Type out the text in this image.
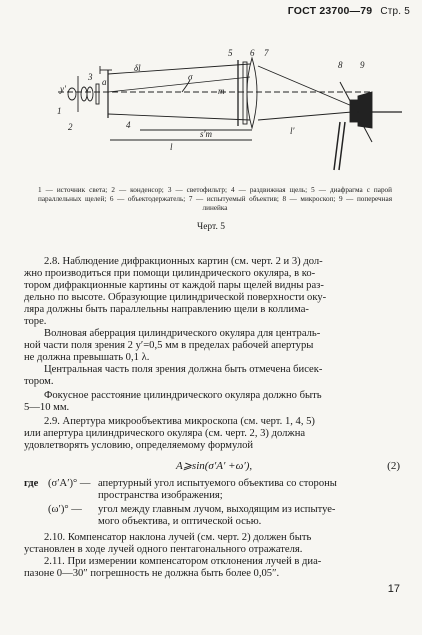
ГОСТ 23700—79 Стр. 5
1
2
3
4
5 6 7
8 9
σ
δl
y′
s′m
l
l′
m
a
1 — источник света; 2 — конденсор; 3 — светофильтр; 4 — раздвижная щель; 5 — диафрагма с парой параллельных щелей; 6 — объектодержатель; 7 — испытуемый объектив; 8 — микроскоп; 9 — поперечная линейка
Черт. 5
2.8. Наблюдение дифракционных картин (см. черт. 2 и 3) дол-
жно производиться при помощи цилиндрического окуляра, в ко-
тором дифракционные картины от каждой пары щелей видны раз-
дельно по высоте. Образующие цилиндрической поверхности оку-
ляра должны быть параллельны направлению щели в коллима-
торе.
Волновая аберрация цилиндрического окуляра для централь-
ной части поля зрения 2 y′=0,5 мм в пределах рабочей апертуры
не должна превышать 0,1 λ.
Центральная часть поля зрения должна быть отмечена бисек-
тором.
Фокусное расстояние цилиндрического окуляра должно быть
5—10 мм.
2.9. Апертура микрообъектива микроскопа (см. черт. 1, 4, 5)
или апертура цилиндрического окуляра (см. черт. 2, 3) должна
удовлетворять условию, определяемому формулой
A⩾sin(σ′A′ +ω′),	(2)
где (σ′A′)° — апертурный угол испытуемого объектива со стороны
пространства изображения;
(ω′)° — угол между главным лучом, выходящим из испытуе-
мого объектива, и оптической осью.
2.10. Компенсатор наклона лучей (см. черт. 2) должен быть
установлен в ходе лучей одного пентагонального отражателя.
2.11. При измерении компенсатором отклонения лучей в диа-
пазоне 0—30″ погрешность не должна быть более 0,05″.
17
